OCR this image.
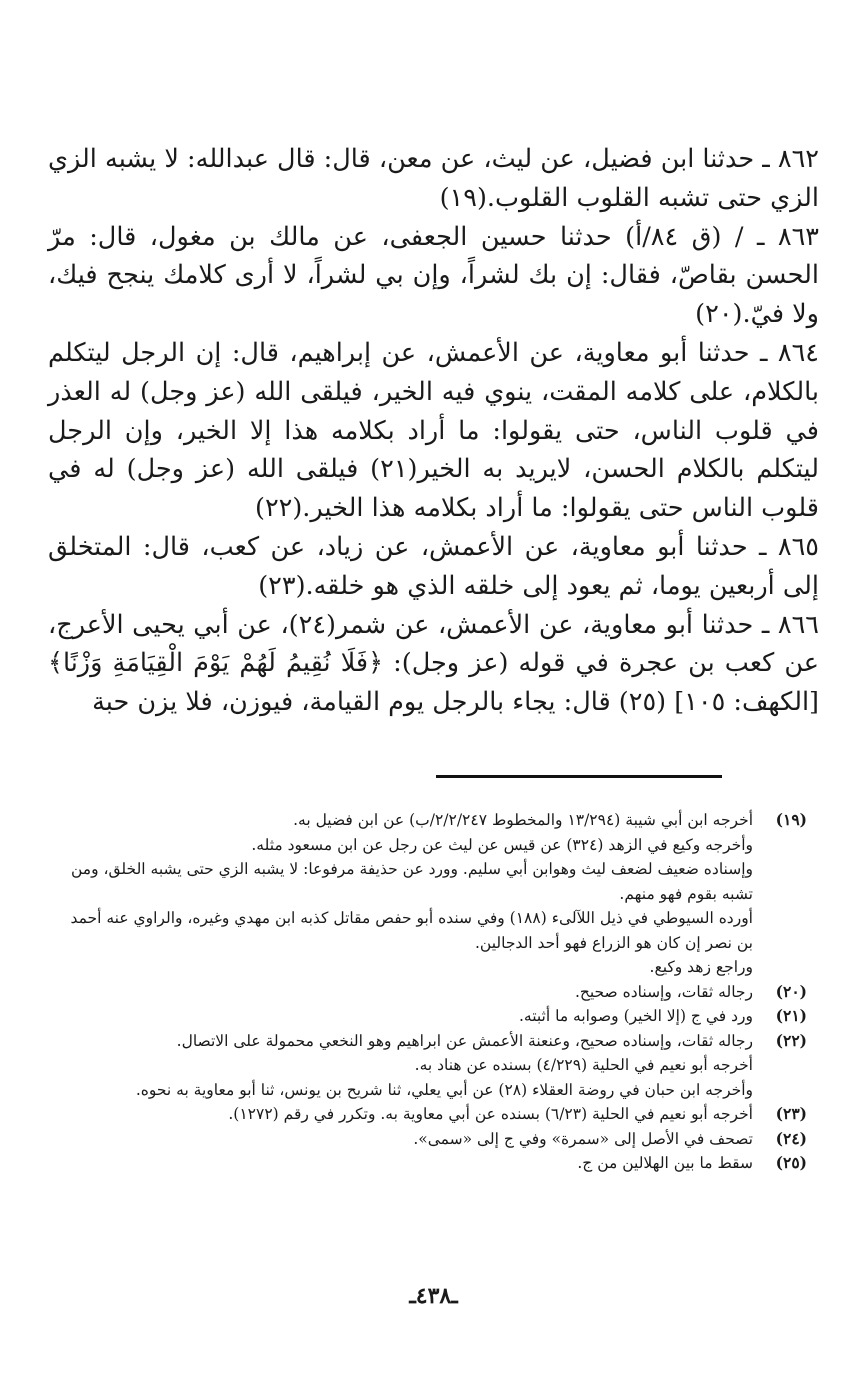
٨٦٢ ـ حدثنا ابن فضيل، عن ليث، عن معن، قال: قال عبدالله: لا يشبه الزي الزي حتى تشبه القلوب القلوب.(١٩)

٨٦٣ ـ / (ق ٨٤/أ) حدثنا حسين الجعفى، عن مالك بن مغول، قال: مرّ الحسن بقاصّ، فقال: إن بك لشراً، وإن بي لشراً، لا أرى كلامك ينجح فيك، ولا فيّ.(٢٠)

٨٦٤ ـ حدثنا أبو معاوية، عن الأعمش، عن إبراهيم، قال: إن الرجل ليتكلم بالكلام، على كلامه المقت، ينوي فيه الخير، فيلقى الله (عز وجل) له العذر في قلوب الناس، حتى يقولوا: ما أراد بكلامه هذا إلا الخير، وإن الرجل ليتكلم بالكلام الحسن، لايريد به الخير(٢١) فيلقى الله (عز وجل) له في قلوب الناس حتى يقولوا: ما أراد بكلامه هذا الخير.(٢٢)

٨٦٥ ـ حدثنا أبو معاوية، عن الأعمش، عن زياد، عن كعب، قال: المتخلق إلى أربعين يوما، ثم يعود إلى خلقه الذي هو خلقه.(٢٣)

٨٦٦ ـ حدثنا أبو معاوية، عن الأعمش، عن شمر(٢٤)، عن أبي يحيى الأعرج، عن كعب بن عجرة في قوله (عز وجل): ﴿فَلَا نُقِيمُ لَهُمْ يَوْمَ الْقِيَامَةِ وَزْنًا﴾ [الكهف: ١٠٥] (٢٥) قال: يجاء بالرجل يوم القيامة، فيوزن، فلا يزن حبة

(١٩)
أخرجه ابن أبي شيبة (١٣/٢٩٤ والمخطوط ٢/٢/٢٤٧/ب) عن ابن فضيل به.
وأخرجه وكيع في الزهد (٣٢٤) عن قيس عن ليث عن رجل عن ابن مسعود مثله.
وإسناده ضعيف لضعف ليث وهوابن أبي سليم. وورد عن حذيفة مرفوعا: لا يشبه الزي حتى يشبه الخلق، ومن تشبه بقوم فهو منهم.
أورده السيوطي في ذيل اللآلىء (١٨٨) وفي سنده أبو حفص مقاتل كذبه ابن مهدي وغيره، والراوي عنه أحمد بن نصر إن كان هو الزراع فهو أحد الدجالين.
وراجع زهد وكيع.
(٢٠)
رجاله ثقات، وإسناده صحيح.
(٢١)
ورد في ج (إلا الخير) وصوابه ما أثبته.
(٢٢)
رجاله ثقات، وإسناده صحيح، وعنعنة الأعمش عن ابراهيم وهو النخعي محمولة على الاتصال.
أخرجه أبو نعيم في الحلية (٤/٢٢٩) بسنده عن هناد به.
وأخرجه ابن حبان في روضة العقلاء (٢٨) عن أبي يعلي، ثنا شريح بن يونس، ثنا أبو معاوية به نحوه.
(٢٣)
أخرجه أبو نعيم في الحلية (٦/٢٣) بسنده عن أبي معاوية به. وتكرر في رقم (١٢٧٢).
(٢٤)
تصحف في الأصل إلى «سمرة» وفي ج إلى «سمى».
(٢٥)
سقط ما بين الهلالين من ج.
ـ٤٣٨ـ
